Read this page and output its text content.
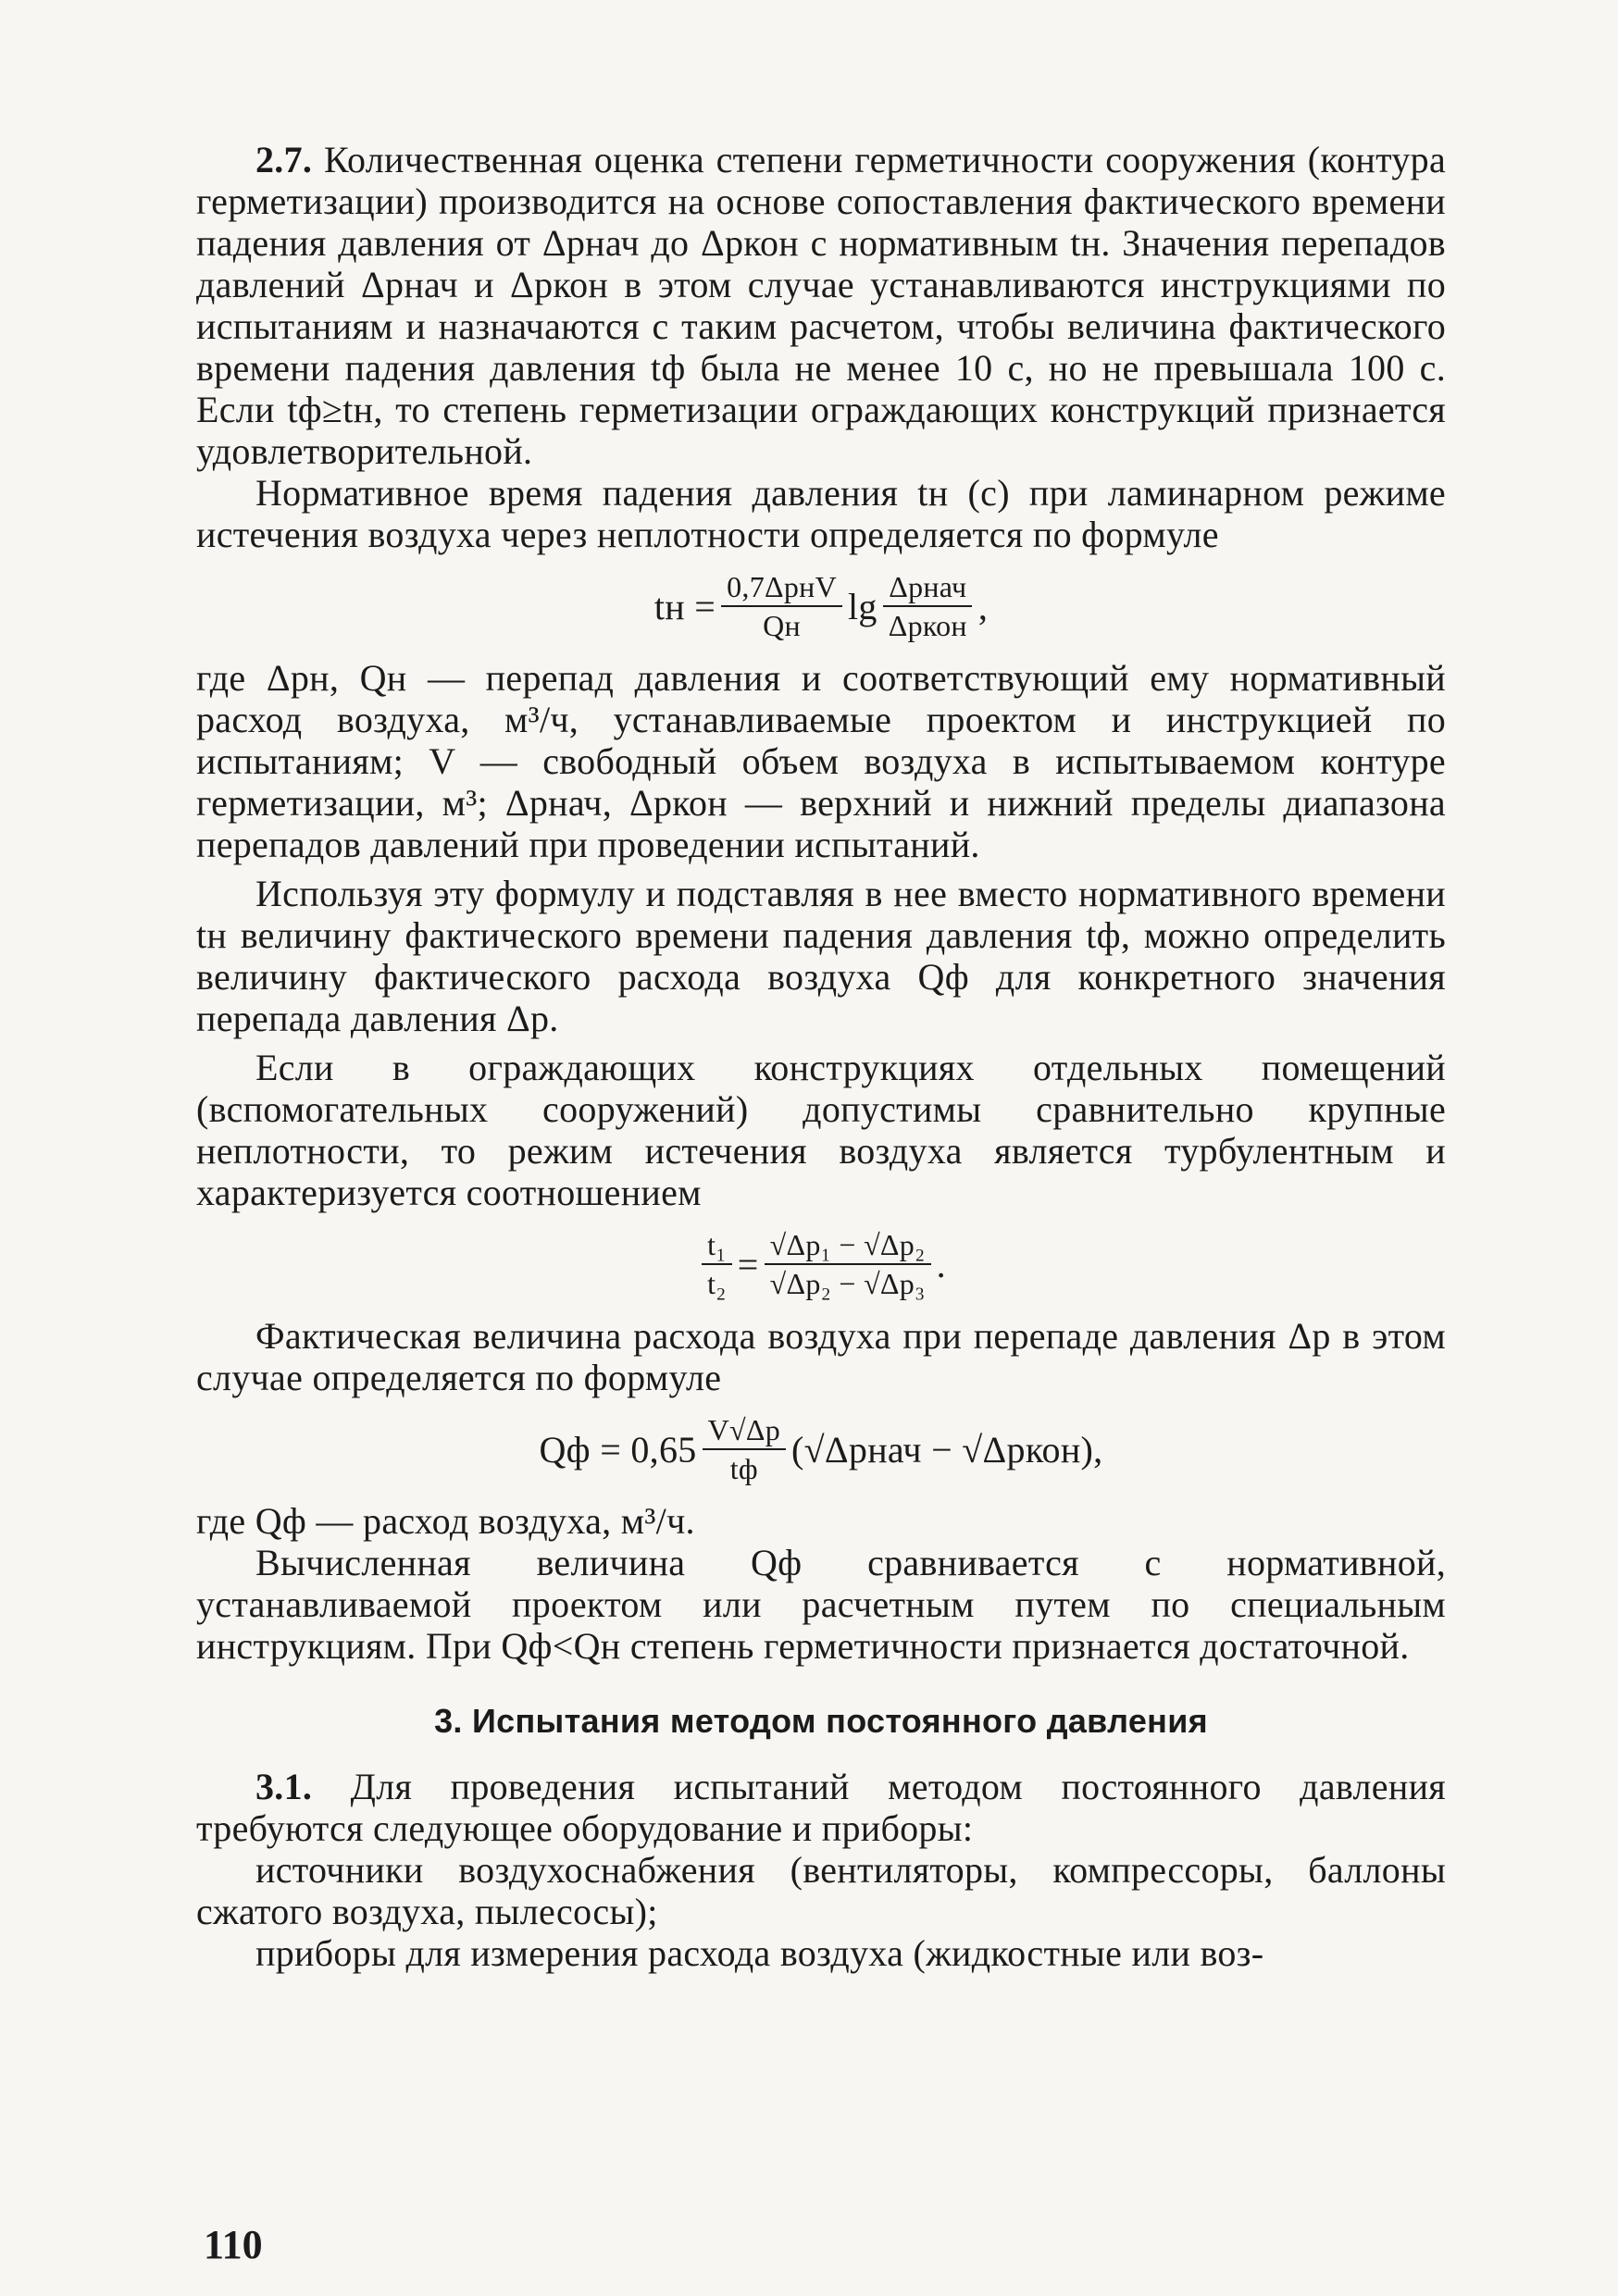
2.7. Количественная оценка степени герметичности сооружения (контура герметизации) производится на основе сопоставления фактического времени падения давления от Δрнач до Δркон с нормативным tн. Значения перепадов давлений Δрнач и Δркон в этом случае устанавливаются инструкциями по испытаниям и назначаются с таким расчетом, чтобы величина фактического времени падения давления tф была не менее 10 с, но не превышала 100 с. Если tф≥tн, то степень герметизации ограждающих конструкций признается удовлетворительной.

Нормативное время падения давления tн (с) при ламинарном режиме истечения воздуха через неплотности определяется по формуле

tн = $\frac{\text{0,7ΔрнV}}{Qн}$ $\lg \frac{\text{Δрнач}}{\text{Δркон}}$ ,

где Δрн, Qн — перепад давления и соответствующий ему нормативный расход воздуха, м³/ч, устанавливаемые проектом и инструкцией по испытаниям; V — свободный объем воздуха в испытываемом контуре герметизации, м³; Δрнач, Δркон — верхний и нижний пределы диапазона перепадов давлений при проведении испытаний.

Используя эту формулу и подставляя в нее вместо нормативного времени tн величину фактического времени падения давления tф, можно определить величину фактического расхода воздуха Qф для конкретного значения перепада давления Δр.

Если в ограждающих конструкциях отдельных помещений (вспомогательных сооружений) допустимы сравнительно крупные неплотности, то режим истечения воздуха является турбулентным и характеризуется соотношением

$\frac{\text{t₁}}{\text{t₂}} = \frac{\text{√Δр₁ − √Δр₂}}{\text{√Δр₂ − √Δр₃}}$ .

Фактическая величина расхода воздуха при перепаде давления Δр в этом случае определяется по формуле

Qф = $0,65 \frac{V√\Delta р}{tф}$ (√Δрнач − √Δркон) ,

где Qф — расход воздуха, м³/ч.

Вычисленная величина Qф сравнивается с нормативной, устанавливаемой проектом или расчетным путем по специальным инструкциям. При Qф<Qн степень герметичности признается достаточной.

3. Испытания методом постоянного давления

3.1. Для проведения испытаний методом постоянного давления требуются следующее оборудование и приборы:

источники воздухоснабжения (вентиляторы, компрессоры, баллоны сжатого воздуха, пылесосы);

приборы для измерения расхода воздуха (жидкостные или воз-

110
